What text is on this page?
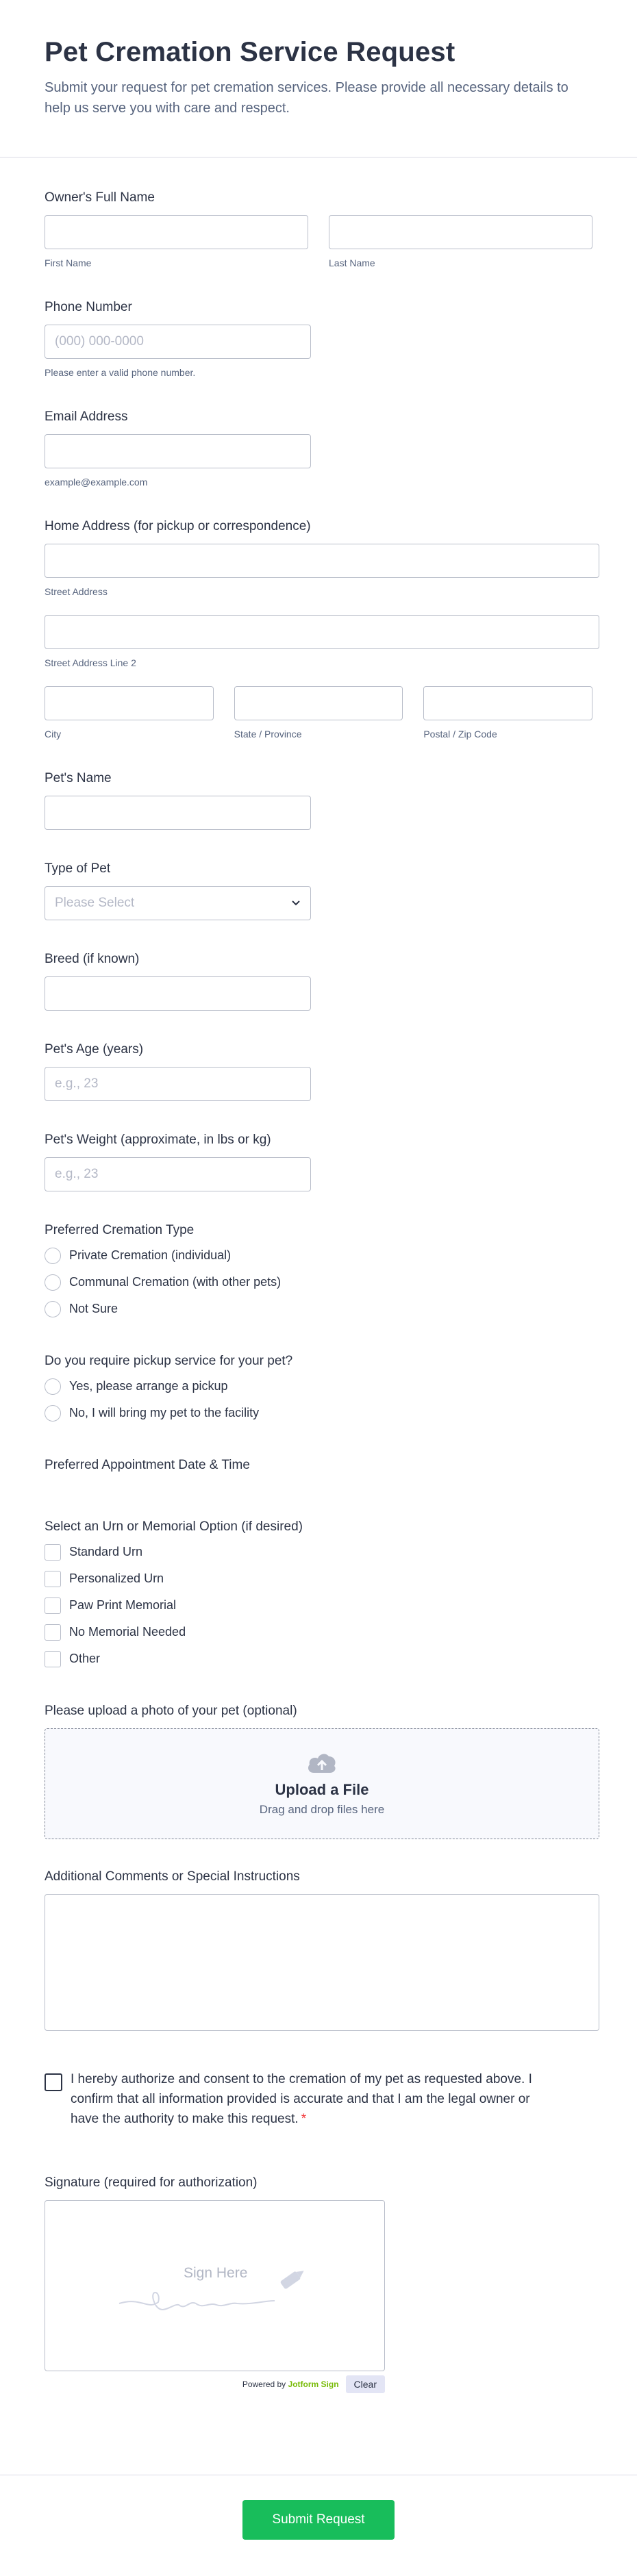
Pet Cremation Service Request

Submit your request for pet cremation services. Please provide all necessary details to help us serve you with care and respect.

Owner's Full Name
First Name	Last Name
Phone Number
(000) 000-0000
Please enter a valid phone number.
Email Address
example@example.com
Home Address (for pickup or correspondence)
Street Address
Street Address Line 2
City	State / Province	Postal / Zip Code
Pet's Name
Type of Pet
Please Select
Breed (if known)
Pet's Age (years)
e.g., 23
Pet's Weight (approximate, in lbs or kg)
e.g., 23
Preferred Cremation Type
Private Cremation (individual)
Communal Cremation (with other pets)
Not Sure
Do you require pickup service for your pet?
Yes, please arrange a pickup
No, I will bring my pet to the facility
Preferred Appointment Date & Time
Select an Urn or Memorial Option (if desired)
Standard Urn
Personalized Urn
Paw Print Memorial
No Memorial Needed
Other
Please upload a photo of your pet (optional)
Upload a File
Drag and drop files here
Additional Comments or Special Instructions
I hereby authorize and consent to the cremation of my pet as requested above. I confirm that all information provided is accurate and that I am the legal owner or have the authority to make this request. *
Signature (required for authorization)
Sign Here
Powered by Jotform Sign	Clear
Submit Request
